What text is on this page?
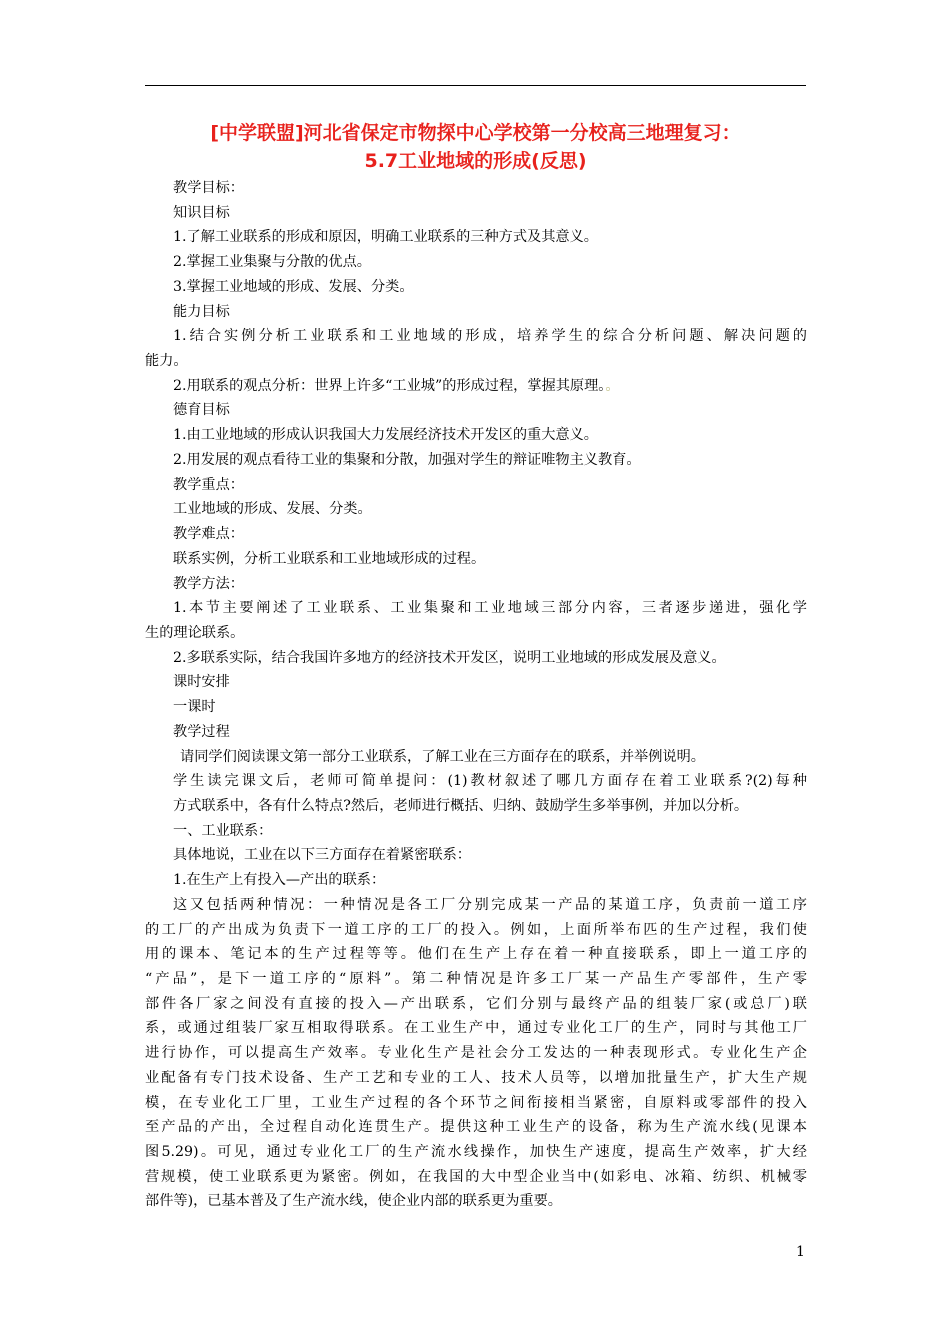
[中学联盟]河北省保定市物探中心学校第一分校高三地理复习：
5.7工业地域的形成(反思)
教学目标：
知识目标
1.了解工业联系的形成和原因，明确工业联系的三种方式及其意义。
2.掌握工业集聚与分散的优点。
3.掌握工业地域的形成、发展、分类。
能力目标
1.结合实例分析工业联系和工业地域的形成，培养学生的综合分析问题、解决问题的
能力。
2.用联系的观点分析：世界上许多“工业城”的形成过程，掌握其原理。。
德育目标
1.由工业地域的形成认识我国大力发展经济技术开发区的重大意义。
2.用发展的观点看待工业的集聚和分散，加强对学生的辩证唯物主义教育。
教学重点：
工业地域的形成、发展、分类。
教学难点：
联系实例，分析工业联系和工业地域形成的过程。
教学方法：
1.本节主要阐述了工业联系、工业集聚和工业地域三部分内容，三者逐步递进，强化学
生的理论联系。
2.多联系实际，结合我国许多地方的经济技术开发区，说明工业地域的形成发展及意义。
课时安排
一课时
教学过程
请同学们阅读课文第一部分工业联系，了解工业在三方面存在的联系，并举例说明。
学生读完课文后，老师可简单提问：(1)教材叙述了哪几方面存在着工业联系?(2)每种
方式联系中，各有什么特点?然后，老师进行概括、归纳、鼓励学生多举事例，并加以分析。
一、工业联系：
具体地说，工业在以下三方面存在着紧密联系：
1.在生产上有投入—产出的联系：
这又包括两种情况：一种情况是各工厂分别完成某一产品的某道工序，负责前一道工序
的工厂的产出成为负责下一道工序的工厂的投入。例如，上面所举布匹的生产过程，我们使
用的课本、笔记本的生产过程等等。他们在生产上存在着一种直接联系，即上一道工序的
“产品”，是下一道工序的“原料”。第二种情况是许多工厂某一产品生产零部件，生产零
部件各厂家之间没有直接的投入—产出联系，它们分别与最终产品的组装厂家(或总厂)联
系，或通过组装厂家互相取得联系。在工业生产中，通过专业化工厂的生产，同时与其他工厂
进行协作，可以提高生产效率。专业化生产是社会分工发达的一种表现形式。专业化生产企
业配备有专门技术设备、生产工艺和专业的工人、技术人员等，以增加批量生产，扩大生产规
模，在专业化工厂里，工业生产过程的各个环节之间衔接相当紧密，自原料或零部件的投入
至产品的产出，全过程自动化连贯生产。提供这种工业生产的设备，称为生产流水线(见课本
图5.29)。可见，通过专业化工厂的生产流水线操作，加快生产速度，提高生产效率，扩大经
营规模，使工业联系更为紧密。例如，在我国的大中型企业当中(如彩电、冰箱、纺织、机械零
部件等)，已基本普及了生产流水线，使企业内部的联系更为重要。
1
